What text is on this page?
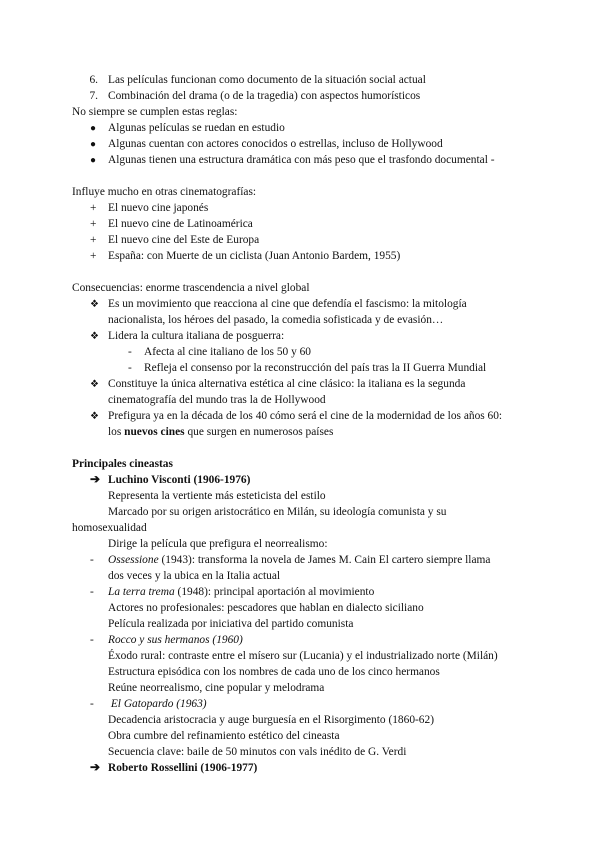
6. Las películas funcionan como documento de la situación social actual
7. Combinación del drama (o de la tragedia) con aspectos humorísticos
No siempre se cumplen estas reglas:
● Algunas películas se ruedan en estudio
● Algunas cuentan con actores conocidos o estrellas, incluso de Hollywood
● Algunas tienen una estructura dramática con más peso que el trasfondo documental -
Influye mucho en otras cinematografías:
+ El nuevo cine japonés
+ El nuevo cine de Latinoamérica
+ El nuevo cine del Este de Europa
+ España: con Muerte de un ciclista (Juan Antonio Bardem, 1955)
Consecuencias: enorme trascendencia a nivel global
❖ Es un movimiento que reacciona al cine que defendía el fascismo: la mitología
nacionalista, los héroes del pasado, la comedia sofisticada y de evasión…
❖ Lidera la cultura italiana de posguerra:
- Afecta al cine italiano de los 50 y 60
- Refleja el consenso por la reconstrucción del país tras la II Guerra Mundial
❖ Constituye la única alternativa estética al cine clásico: la italiana es la segunda
cinematografía del mundo tras la de Hollywood
❖ Prefigura ya en la década de los 40 cómo será el cine de la modernidad de los años 60:
los nuevos cines que surgen en numerosos países
Principales cineastas
➔ Luchino Visconti (1906-1976)
Representa la vertiente más esteticista del estilo
Marcado por su origen aristocrático en Milán, su ideología comunista y su
homosexualidad
Dirige la película que prefigura el neorrealismo:
- Ossessione (1943): transforma la novela de James M. Cain El cartero siempre llama
dos veces y la ubica en la Italia actual
- La terra trema (1948): principal aportación al movimiento
Actores no profesionales: pescadores que hablan en dialecto siciliano
Película realizada por iniciativa del partido comunista
- Rocco y sus hermanos (1960)
Éxodo rural: contraste entre el mísero sur (Lucania) y el industrializado norte (Milán)
Estructura episódica con los nombres de cada uno de los cinco hermanos
Reúne neorrealismo, cine popular y melodrama
- El Gatopardo (1963)
Decadencia aristocracia y auge burguesía en el Risorgimento (1860-62)
Obra cumbre del refinamiento estético del cineasta
Secuencia clave: baile de 50 minutos con vals inédito de G. Verdi
➔ Roberto Rossellini (1906-1977)
